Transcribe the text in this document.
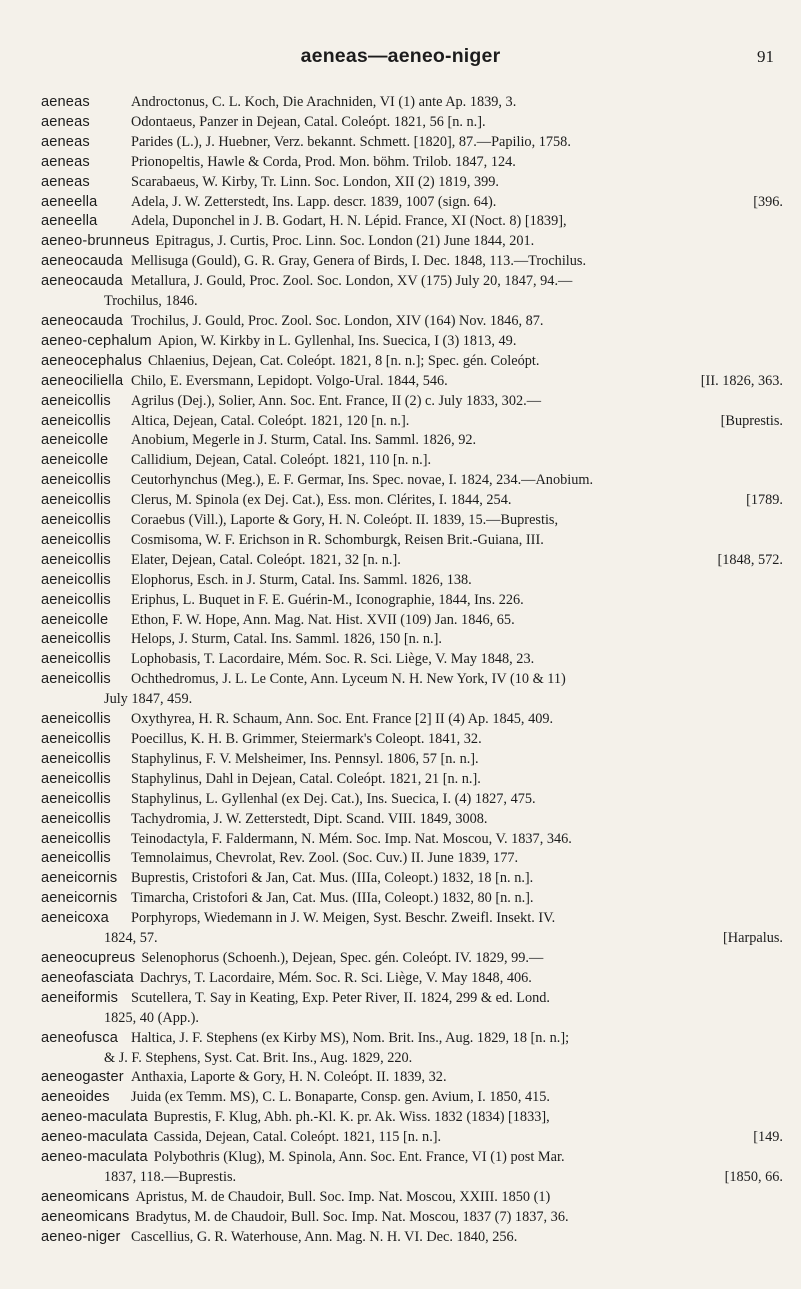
aeneas—aeneo-niger	91
aeneas	Androctonus, C. L. Koch, Die Arachniden, VI (1) ante Ap. 1839, 3.
aeneas	Odontaeus, Panzer in Dejean, Catal. Coleópt. 1821, 56 [n. n.].
aeneas	Parides (L.), J. Huebner, Verz. bekannt. Schmett. [1820], 87.—Papilio, 1758.
aeneas	Prionopeltis, Hawle & Corda, Prod. Mon. böhm. Trilob. 1847, 124.
aeneas	Scarabaeus, W. Kirby, Tr. Linn. Soc. London, XII (2) 1819, 399.
aeneella	Adela, J. W. Zetterstedt, Ins. Lapp. descr. 1839, 1007 (sign. 64).	[396.
aeneella	Adela, Duponchel in J. B. Godart, H. N. Lépid. France, XI (Noct. 8) [1839],
aeneo-brunneus Epitragus, J. Curtis, Proc. Linn. Soc. London (21) June 1844, 201.
aeneocauda Mellisuga (Gould), G. R. Gray, Genera of Birds, I. Dec. 1848, 113.—Trochilus.
aeneocauda Metallura, J. Gould, Proc. Zool. Soc. London, XV (175) July 20, 1847, 94.—
Trochilus, 1846.
aeneocauda Trochilus, J. Gould, Proc. Zool. Soc. London, XIV (164) Nov. 1846, 87.
aeneo-cephalum Apion, W. Kirkby in L. Gyllenhal, Ins. Suecica, I (3) 1813, 49.
aeneocephalus Chlaenius, Dejean, Cat. Coleópt. 1821, 8 [n. n.]; Spec. gén. Coleópt.
aeneociliella Chilo, E. Eversmann, Lepidopt. Volgo-Ural. 1844, 546.	[II. 1826, 363.
aeneicollis	Agrilus (Dej.), Solier, Ann. Soc. Ent. France, II (2) c. July 1833, 302.—
aeneicollis	Altica, Dejean, Catal. Coleópt. 1821, 120 [n. n.].	[Buprestis.
aeneicolle	Anobium, Megerle in J. Sturm, Catal. Ins. Samml. 1826, 92.
aeneicolle	Callidium, Dejean, Catal. Coleópt. 1821, 110 [n. n.].
aeneicollis	Ceutorhynchus (Meg.), E. F. Germar, Ins. Spec. novae, I. 1824, 234.—Anobium.
aeneicollis	Clerus, M. Spinola (ex Dej. Cat.), Ess. mon. Clérites, I. 1844, 254.	[1789.
aeneicollis	Coraebus (Vill.), Laporte & Gory, H. N. Coleópt. II. 1839, 15.—Buprestis,
aeneicollis	Cosmisoma, W. F. Erichson in R. Schomburgk, Reisen Brit.-Guiana, III.
aeneicollis	Elater, Dejean, Catal. Coleópt. 1821, 32 [n. n.].	[1848, 572.
aeneicollis	Elophorus, Esch. in J. Sturm, Catal. Ins. Samml. 1826, 138.
aeneicollis	Eriphus, L. Buquet in F. E. Guérin-M., Iconographie, 1844, Ins. 226.
aeneicolle	Ethon, F. W. Hope, Ann. Mag. Nat. Hist. XVII (109) Jan. 1846, 65.
aeneicollis	Helops, J. Sturm, Catal. Ins. Samml. 1826, 150 [n. n.].
aeneicollis	Lophobasis, T. Lacordaire, Mém. Soc. R. Sci. Liège, V. May 1848, 23.
aeneicollis	Ochthedromus, J. L. Le Conte, Ann. Lyceum N. H. New York, IV (10 & 11)
July 1847, 459.
aeneicollis	Oxythyrea, H. R. Schaum, Ann. Soc. Ent. France [2] II (4) Ap. 1845, 409.
aeneicollis	Poecillus, K. H. B. Grimmer, Steiermark's Coleopt. 1841, 32.
aeneicollis	Staphylinus, F. V. Melsheimer, Ins. Pennsyl. 1806, 57 [n. n.].
aeneicollis	Staphylinus, Dahl in Dejean, Catal. Coleópt. 1821, 21 [n. n.].
aeneicollis	Staphylinus, L. Gyllenhal (ex Dej. Cat.), Ins. Suecica, I. (4) 1827, 475.
aeneicollis	Tachydromia, J. W. Zetterstedt, Dipt. Scand. VIII. 1849, 3008.
aeneicollis	Teinodactyla, F. Faldermann, N. Mém. Soc. Imp. Nat. Moscou, V. 1837, 346.
aeneicollis	Temnolaimus, Chevrolat, Rev. Zool. (Soc. Cuv.) II. June 1839, 177.
aeneicornis Buprestis, Cristofori & Jan, Cat. Mus. (IIIa, Coleopt.) 1832, 18 [n. n.].
aeneicornis Timarcha, Cristofori & Jan, Cat. Mus. (IIIa, Coleopt.) 1832, 80 [n. n.].
aeneicoxa	Porphyrops, Wiedemann in J. W. Meigen, Syst. Beschr. Zweifl. Insekt. IV.
1824, 57.	[Harpalus.
aeneocupreus Selenophorus (Schoenh.), Dejean, Spec. gén. Coleópt. IV. 1829, 99.—
aeneofasciata Dachrys, T. Lacordaire, Mém. Soc. R. Sci. Liège, V. May 1848, 406.
aeneiformis Scutellera, T. Say in Keating, Exp. Peter River, II. 1824, 299 & ed. Lond.
1825, 40 (App.).
aeneofusca Haltica, J. F. Stephens (ex Kirby MS), Nom. Brit. Ins., Aug. 1829, 18 [n. n.];
& J. F. Stephens, Syst. Cat. Brit. Ins., Aug. 1829, 220.
aeneogaster Anthaxia, Laporte & Gory, H. N. Coleópt. II. 1839, 32.
aeneoides	Juida (ex Temm. MS), C. L. Bonaparte, Consp. gen. Avium, I. 1850, 415.
aeneo-maculata Buprestis, F. Klug, Abh. ph.-Kl. K. pr. Ak. Wiss. 1832 (1834) [1833],
aeneo-maculata Cassida, Dejean, Catal. Coleópt. 1821, 115 [n. n.].	[149.
aeneo-maculata Polybothris (Klug), M. Spinola, Ann. Soc. Ent. France, VI (1) post Mar.
1837, 118.—Buprestis.	[1850, 66.
aeneomicans Apristus, M. de Chaudoir, Bull. Soc. Imp. Nat. Moscou, XXIII. 1850 (1)
aeneomicans Bradytus, M. de Chaudoir, Bull. Soc. Imp. Nat. Moscou, 1837 (7) 1837, 36.
aeneo-niger Cascellius, G. R. Waterhouse, Ann. Mag. N. H. VI. Dec. 1840, 256.
